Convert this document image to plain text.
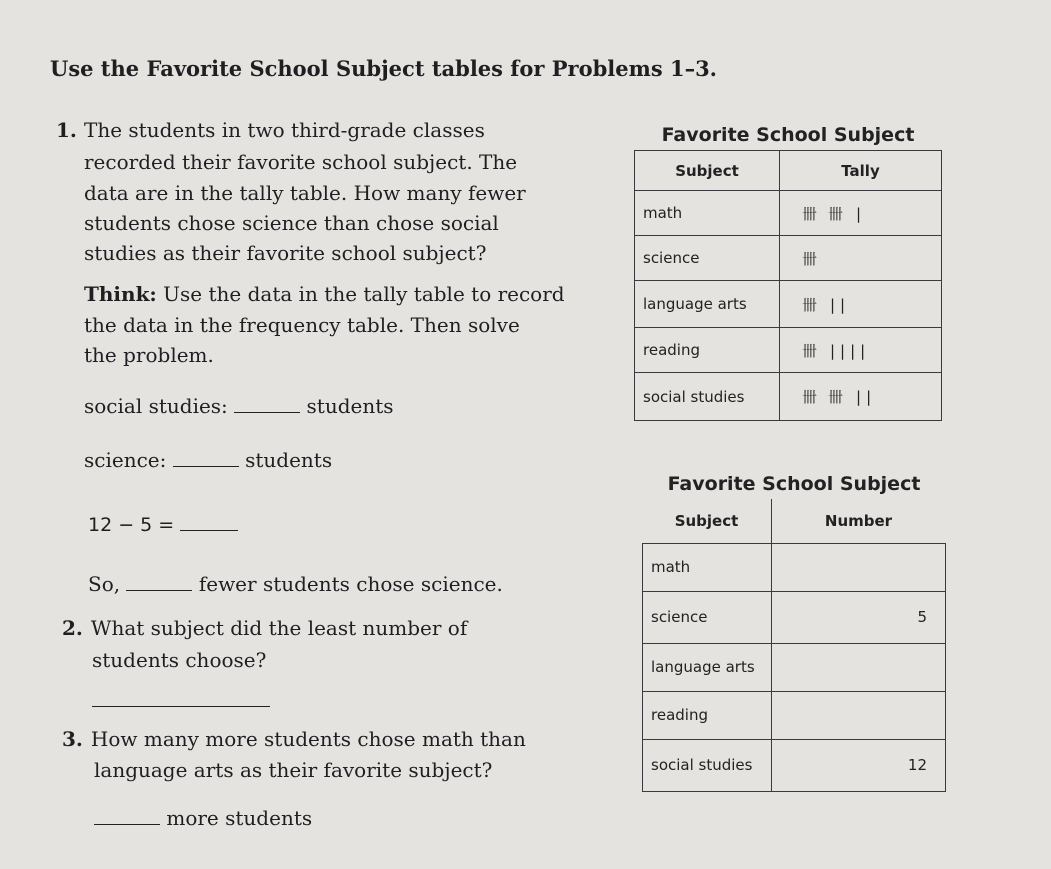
Use the Favorite School Subject tables for Problems 1–3.
1. The students in two third-grade classes
recorded their favorite school subject. The
data are in the tally table. How many fewer
students chose science than chose social
studies as their favorite school subject?
Think: Use the data in the tally table to record
the data in the frequency table. Then solve
the problem.
social studies:	students
science:	students
12 − 5 =
So,	fewer students chose science.
2. What subject did the least number of
students choose?
3. How many more students chose math than
language arts as their favorite subject?
more students
Favorite School Subject	
Subject	Tally
math	卌 卌 |
science	卌
language arts	卌 ||
reading	卌 ||||
social studies	卌 卌 ||
Favorite School Subject	
Subject	Number
math	
science	5
language arts	
reading	
social studies	12
